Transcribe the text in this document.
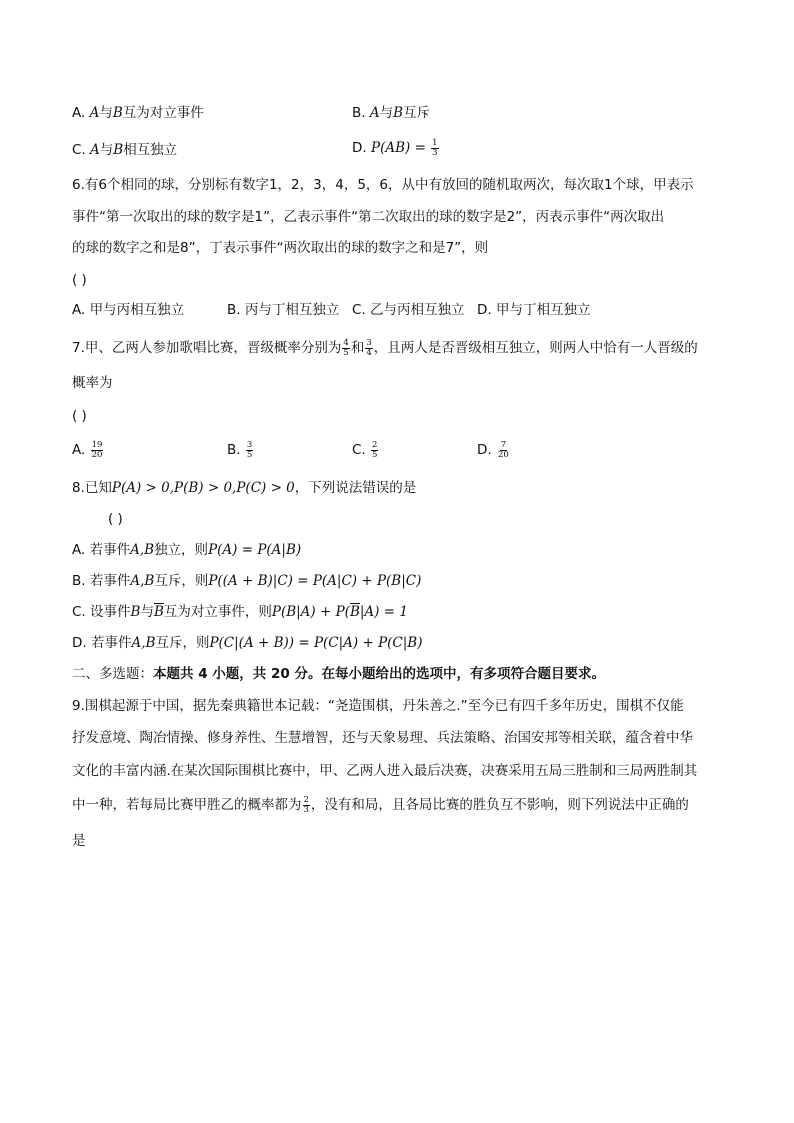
A. A与B互为对立事件	B. A与B互斥
C. A与B相互独立	D. $P(AB) = \frac{1}{3}$
6.有6个相同的球，分别标有数字1，2，3，4，5，6，从中有放回的随机取两次，每次取1个球，甲表示
事件“第一次取出的球的数字是1”，乙表示事件“第二次取出的球的数字是2”，丙表示事件“两次取出
的球的数字之和是8”，丁表示事件“两次取出的球的数字之和是7”，则
( )
A. 甲与丙相互独立	B. 丙与丁相互独立 C. 乙与丙相互独立 D. 甲与丁相互独立
7.甲、乙两人参加歌唱比赛，晋级概率分别为 $\frac{4}{5}$ 和 $\frac{3}{4}$ ，且两人是否晋级相互独立，则两人中恰有一人晋级的
概率为
( )
A. $\frac{19}{20}$	B. $\frac{3}{5}$	C. $\frac{2}{5}$	D. $\frac{7}{20}$
8.已知P(A) > 0,P(B) > 0,P(C) > 0，下列说法错误的是
( )
A. 若事件A,B独立，则P(A) = P(A|B)
B. 若事件A,B互斥，则P((A + B)|C) = P(A|C) + P(B|C)
C. 设事件B与$\overline{B}$互为对立事件，则$P(B|A) + P(\overline{B}|A) = 1$
D. 若事件A,B互斥，则P(C|(A + B)) = P(C|A) + P(C|B)
二、多选题：本题共 4 小题，共 20 分。在每小题给出的选项中，有多项符合题目要求。
9.围棋起源于中国，据先秦典籍世本记载：“尧造围棋，丹朱善之.”至今已有四千多年历史，围棋不仅能
抒发意境、陶冶情操、修身养性、生慧增智，还与天象易理、兵法策略、治国安邦等相关联，蕴含着中华
文化的丰富内涵.在某次国际围棋比赛中，甲、乙两人进入最后决赛，决赛采用五局三胜制和三局两胜制其
中一种，若每局比赛甲胜乙的概率都为 $\frac{2}{3}$ ，没有和局，且各局比赛的胜负互不影响，则下列说法中正确的
是
